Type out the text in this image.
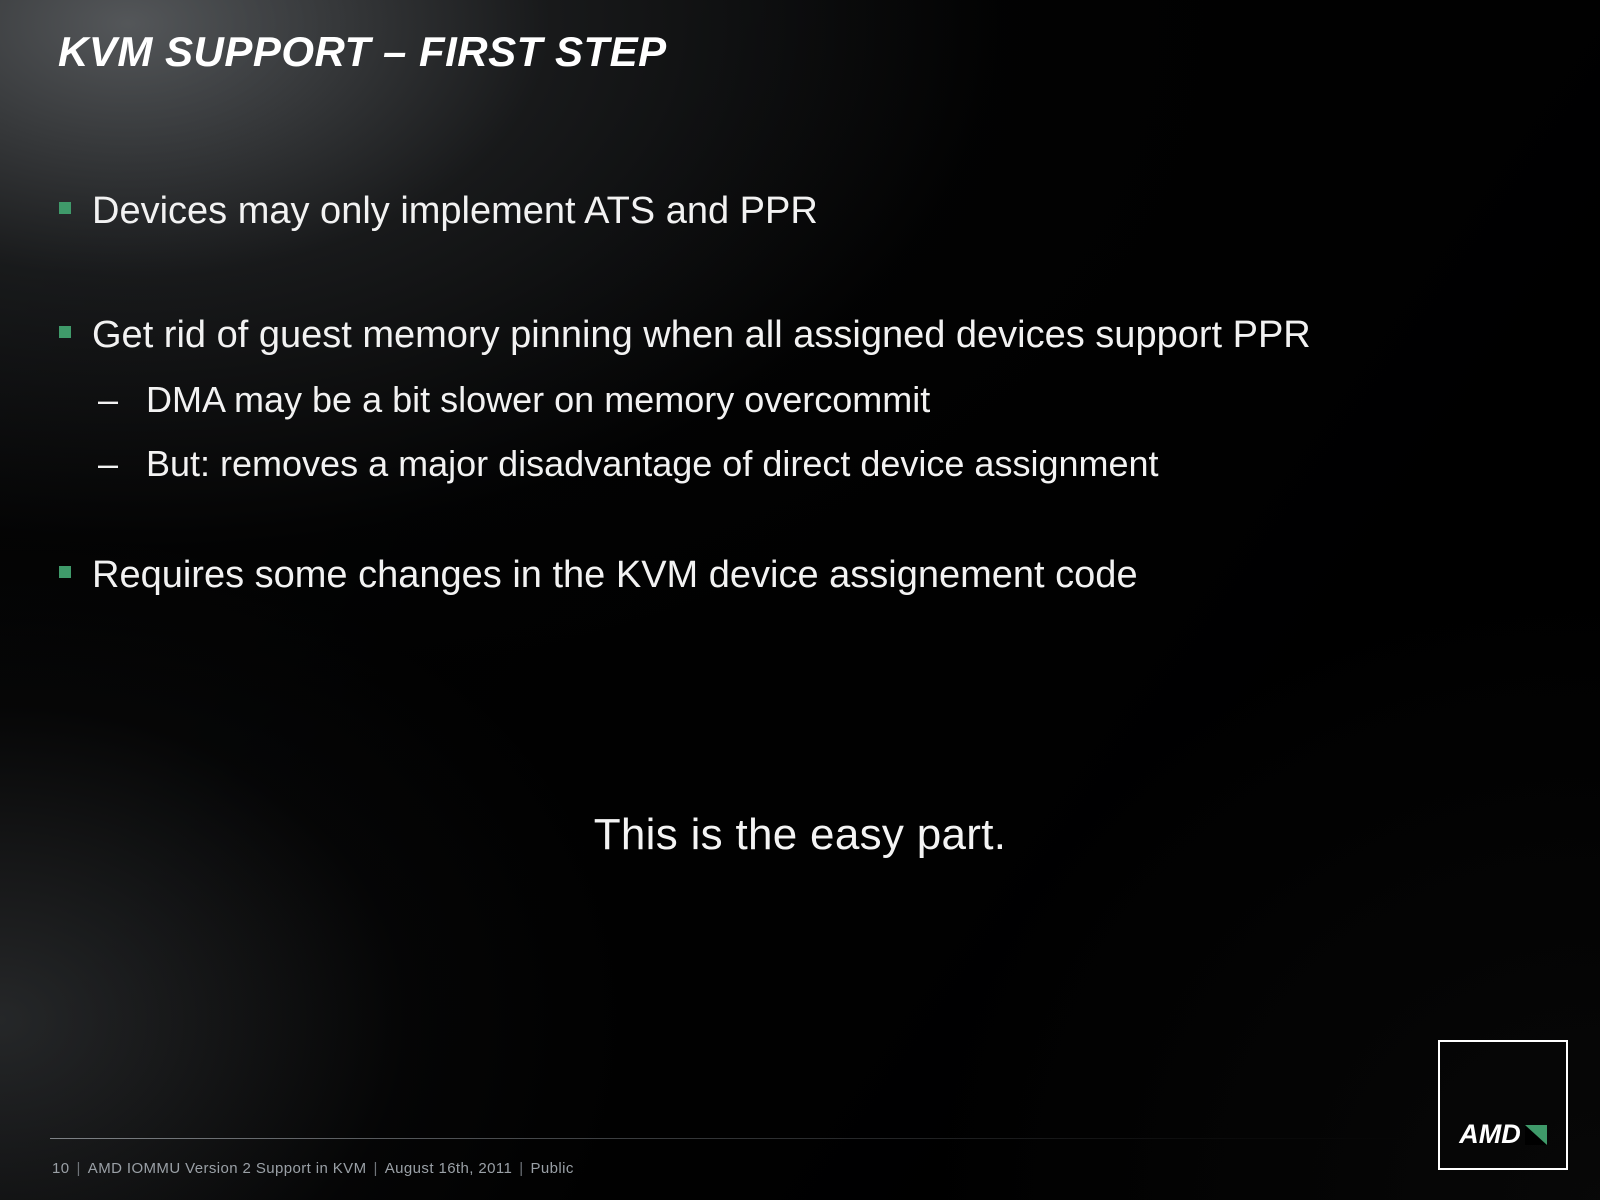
KVM SUPPORT – FIRST STEP
Devices may only implement ATS and PPR
Get rid of guest memory pinning when all assigned devices support PPR
– DMA may be a bit slower on memory overcommit
– But: removes a major disadvantage of direct device assignment
Requires some changes in the KVM device assignement code
This is the easy part.
10 | AMD IOMMU Version 2 Support in KVM | August 16th, 2011 | Public
AMD
